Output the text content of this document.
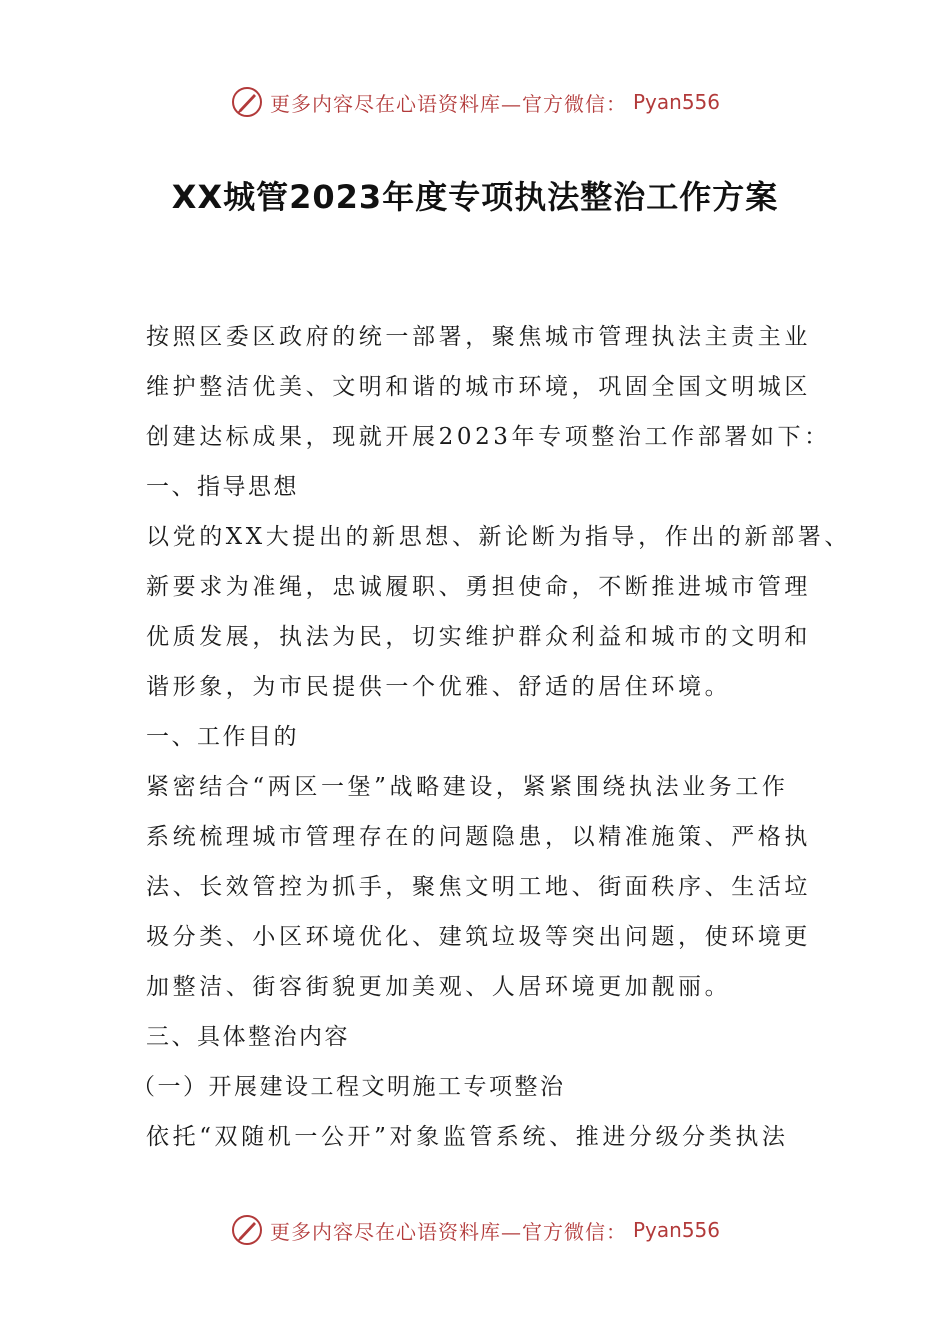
更多内容尽在心语资料库—官方微信： Pyan556
XX城管2023年度专项执法整治工作方案

按照区委区政府的统一部署，聚焦城市管理执法主责主业

维护整洁优美、文明和谐的城市环境，巩固全国文明城区

创建达标成果，现就开展2023年专项整治工作部署如下：

一、指导思想

以党的XX大提出的新思想、新论断为指导，作出的新部署、

新要求为准绳，忠诚履职、勇担使命，不断推进城市管理

优质发展，执法为民，切实维护群众利益和城市的文明和

谐形象，为市民提供一个优雅、舒适的居住环境。

一、工作目的

紧密结合“两区一堡”战略建设，紧紧围绕执法业务工作

系统梳理城市管理存在的问题隐患，以精准施策、严格执

法、长效管控为抓手，聚焦文明工地、街面秩序、生活垃

圾分类、小区环境优化、建筑垃圾等突出问题，使环境更

加整洁、街容街貌更加美观、人居环境更加靓丽。

三、具体整治内容

（一）开展建设工程文明施工专项整治

依托“双随机一公开”对象监管系统、推进分级分类执法

更多内容尽在心语资料库—官方微信： Pyan556
